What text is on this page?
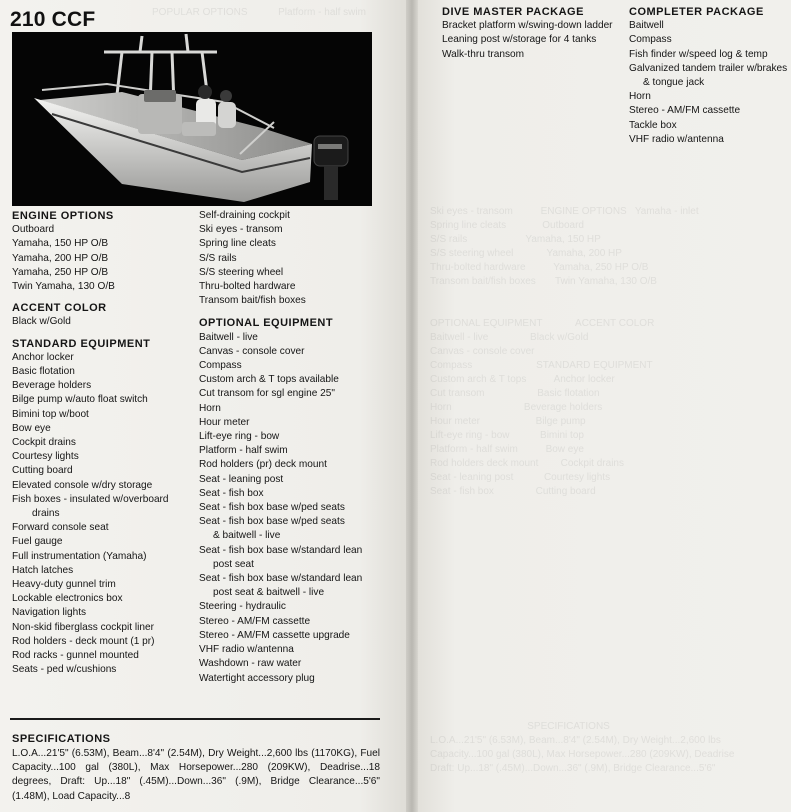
210 CCF
ENGINE OPTIONS
Outboard
Yamaha, 150 HP O/B
Yamaha, 200 HP O/B
Yamaha, 250 HP O/B
Twin Yamaha, 130 O/B
ACCENT COLOR
Black w/Gold
STANDARD EQUIPMENT
Anchor locker
Basic flotation
Beverage holders
Bilge pump w/auto float switch
Bimini top w/boot
Bow eye
Cockpit drains
Courtesy lights
Cutting board
Elevated console w/dry storage
Fish boxes - insulated w/overboard
drains
Forward console seat
Fuel gauge
Full instrumentation (Yamaha)
Hatch latches
Heavy-duty gunnel trim
Lockable electronics box
Navigation lights
Non-skid fiberglass cockpit liner
Rod holders - deck mount (1 pr)
Rod racks - gunnel mounted
Seats - ped w/cushions
Self-draining cockpit
Ski eyes - transom
Spring line cleats
S/S rails
S/S steering wheel
Thru-bolted hardware
Transom bait/fish boxes
OPTIONAL EQUIPMENT
Baitwell - live
Canvas - console cover
Compass
Custom arch & T tops available
Cut transom for sgl engine 25"
Horn
Hour meter
Lift-eye ring - bow
Platform - half swim
Rod holders (pr) deck mount
Seat - leaning post
Seat - fish box
Seat - fish box base w/ped seats
Seat - fish box base w/ped seats
& baitwell - live
Seat - fish box base w/standard lean
post seat
Seat - fish box base w/standard lean
post seat & baitwell - live
Steering - hydraulic
Stereo - AM/FM cassette
Stereo - AM/FM cassette upgrade
VHF radio w/antenna
Washdown - raw water
Watertight accessory plug
SPECIFICATIONS
L.O.A...21'5" (6.53M), Beam...8'4" (2.54M), Dry Weight...2,600 lbs (1170KG), Fuel Capacity...100 gal (380L), Max Horsepower...280 (209KW), Deadrise...18 degrees, Draft: Up...18" (.45M)...Down...36" (.9M), Bridge Clearance...5'6" (1.48M), Load Capacity...8
DIVE MASTER PACKAGE
Bracket platform w/swing-down ladder
Leaning post w/storage for 4 tanks
Walk-thru transom
COMPLETER PACKAGE
Baitwell
Compass
Fish finder w/speed log & temp
Galvanized tandem trailer w/brakes
& tongue jack
Horn
Stereo - AM/FM cassette
Tackle box
VHF radio w/antenna
